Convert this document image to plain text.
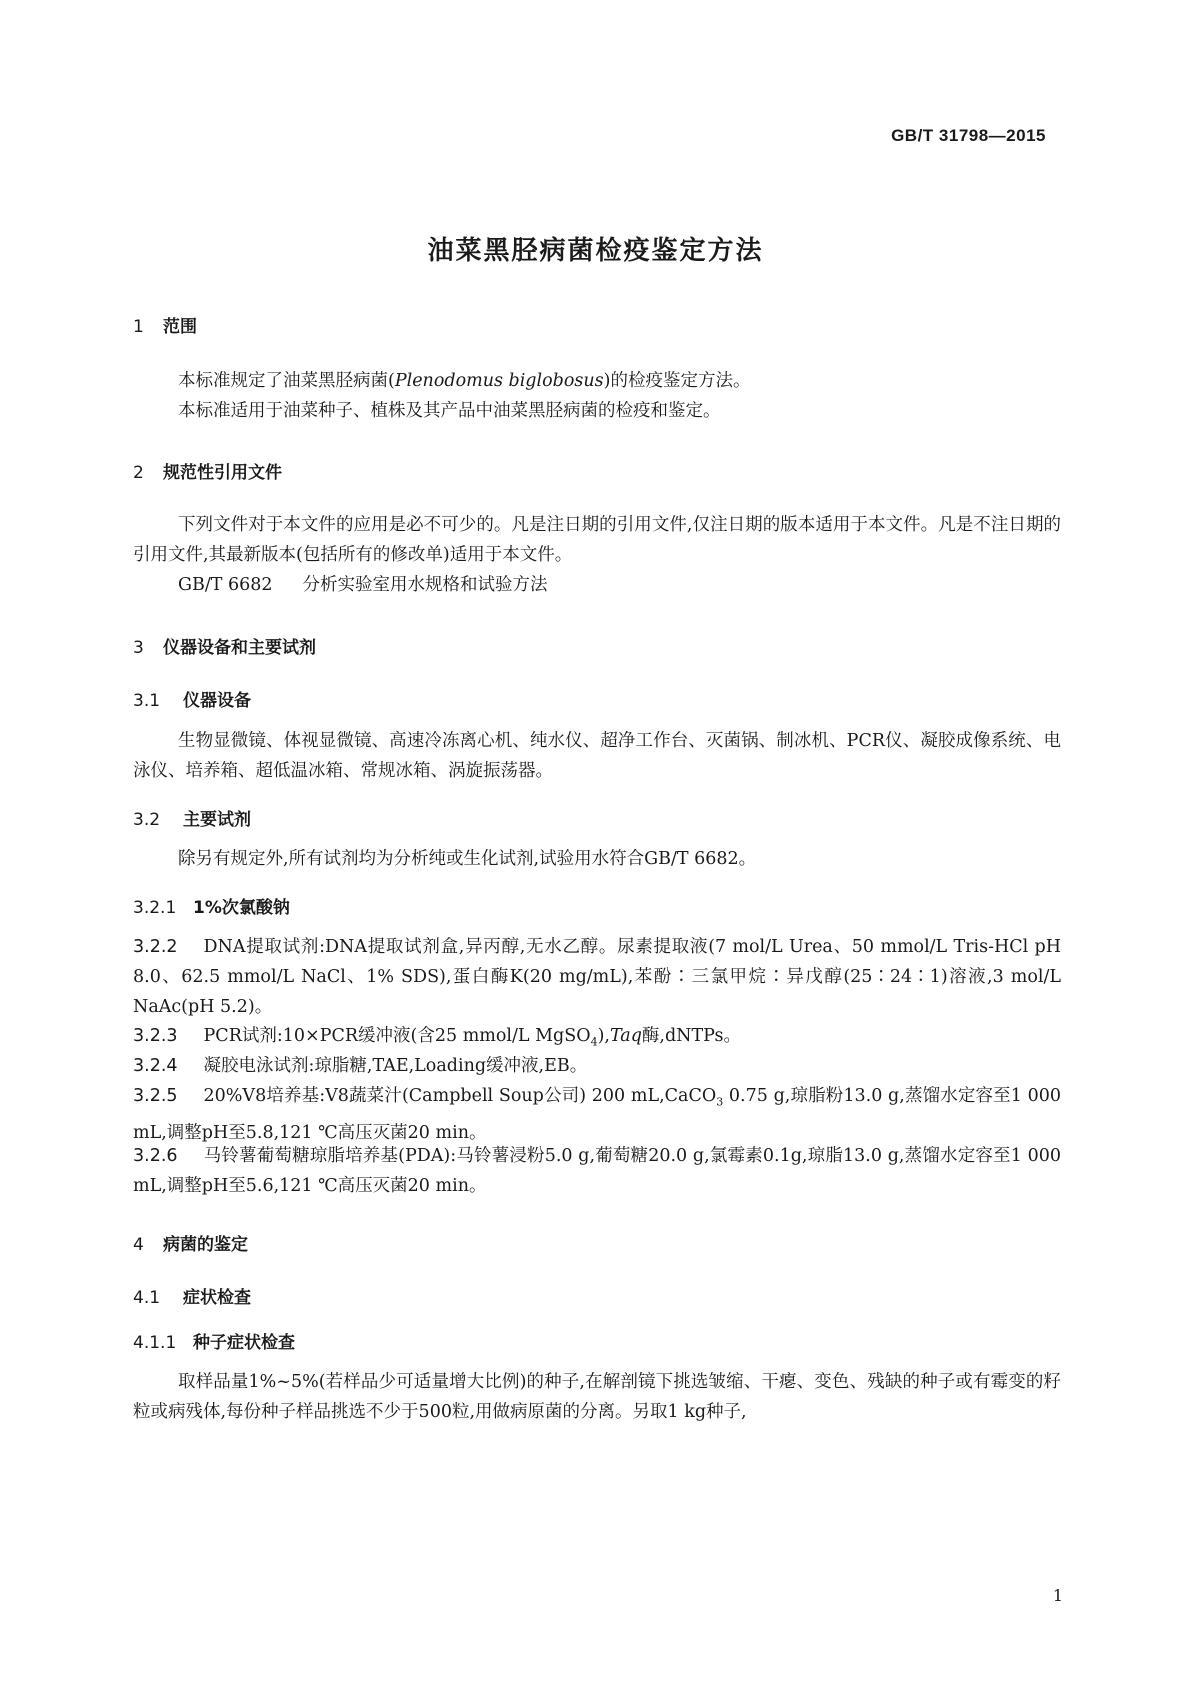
GB/T 31798—2015
油菜黑胫病菌检疫鉴定方法
1 范围
本标准规定了油菜黑胫病菌(Plenodomus biglobosus)的检疫鉴定方法。
本标准适用于油菜种子、植株及其产品中油菜黑胫病菌的检疫和鉴定。
2 规范性引用文件
下列文件对于本文件的应用是必不可少的。凡是注日期的引用文件,仅注日期的版本适用于本文件。凡是不注日期的引用文件,其最新版本(包括所有的修改单)适用于本文件。
GB/T 6682 分析实验室用水规格和试验方法
3 仪器设备和主要试剂
3.1 仪器设备
生物显微镜、体视显微镜、高速冷冻离心机、纯水仪、超净工作台、灭菌锅、制冰机、PCR仪、凝胶成像系统、电泳仪、培养箱、超低温冰箱、常规冰箱、涡旋振荡器。
3.2 主要试剂
除另有规定外,所有试剂均为分析纯或生化试剂,试验用水符合GB/T 6682。
3.2.1 1%次氯酸钠
3.2.2 DNA提取试剂:DNA提取试剂盒,异丙醇,无水乙醇。尿素提取液(7 mol/L Urea、50 mmol/L Tris-HCl pH 8.0、62.5 mmol/L NaCl、1% SDS),蛋白酶K(20 mg/mL),苯酚∶三氯甲烷∶异戊醇(25∶24∶1)溶液,3 mol/L NaAc(pH 5.2)。
3.2.3 PCR试剂:10×PCR缓冲液(含25 mmol/L MgSO$_4$),Taq酶,dNTPs。
3.2.4 凝胶电泳试剂:琼脂糖,TAE,Loading缓冲液,EB。
3.2.5 20%V8培养基:V8蔬菜汁(Campbell Soup公司) 200 mL,CaCO$_3$ 0.75 g,琼脂粉13.0 g,蒸馏水定容至1 000 mL,调整pH至5.8,121 ℃高压灭菌20 min。
3.2.6 马铃薯葡萄糖琼脂培养基(PDA):马铃薯浸粉5.0 g,葡萄糖20.0 g,氯霉素0.1g,琼脂13.0 g,蒸馏水定容至1 000 mL,调整pH至5.6,121 ℃高压灭菌20 min。
4 病菌的鉴定
4.1 症状检查
4.1.1 种子症状检查
取样品量1%~5%(若样品少可适量增大比例)的种子,在解剖镜下挑选皱缩、干瘪、变色、残缺的种子或有霉变的籽粒或病残体,每份种子样品挑选不少于500粒,用做病原菌的分离。另取1 kg种子,
1
